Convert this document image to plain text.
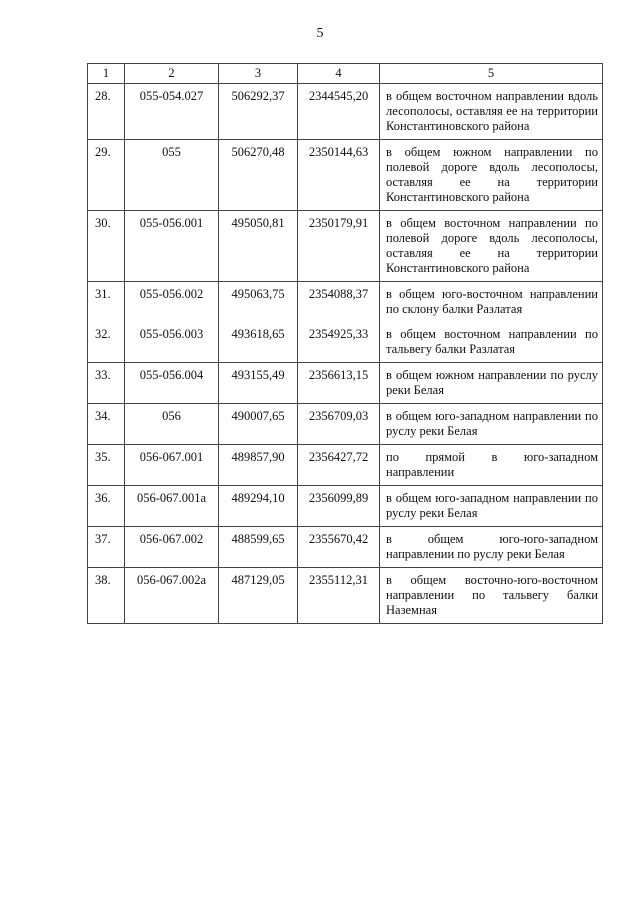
5
1	2	3	4	5
28.	055-054.027	506292,37	2344545,20	в общем восточном направлении вдоль лесополосы, оставляя ее на территории Константиновского района
29.	055	506270,48	2350144,63	в общем южном направлении по полевой дороге вдоль лесополосы, оставляя ее на территории Константиновского района
30.	055-056.001	495050,81	2350179,91	в общем восточном направлении по полевой дороге вдоль лесополосы, оставляя ее на территории Константиновского района
31.	055-056.002	495063,75	2354088,37	в общем юго-восточном направлении по склону балки Разлатая
32.	055-056.003	493618,65	2354925,33	в общем восточном направлении по тальвегу балки Разлатая
33.	055-056.004	493155,49	2356613,15	в общем южном направлении по руслу реки Белая
34.	056	490007,65	2356709,03	в общем юго-западном направлении по руслу реки Белая
35.	056-067.001	489857,90	2356427,72	по прямой в юго-западном направлении
36.	056-067.001а	489294,10	2356099,89	в общем юго-западном направлении по руслу реки Белая
37.	056-067.002	488599,65	2355670,42	в общем юго-юго-западном направлении по руслу реки Белая
38.	056-067.002а	487129,05	2355112,31	в общем восточно-юго-восточном направлении по тальвегу балки Наземная
